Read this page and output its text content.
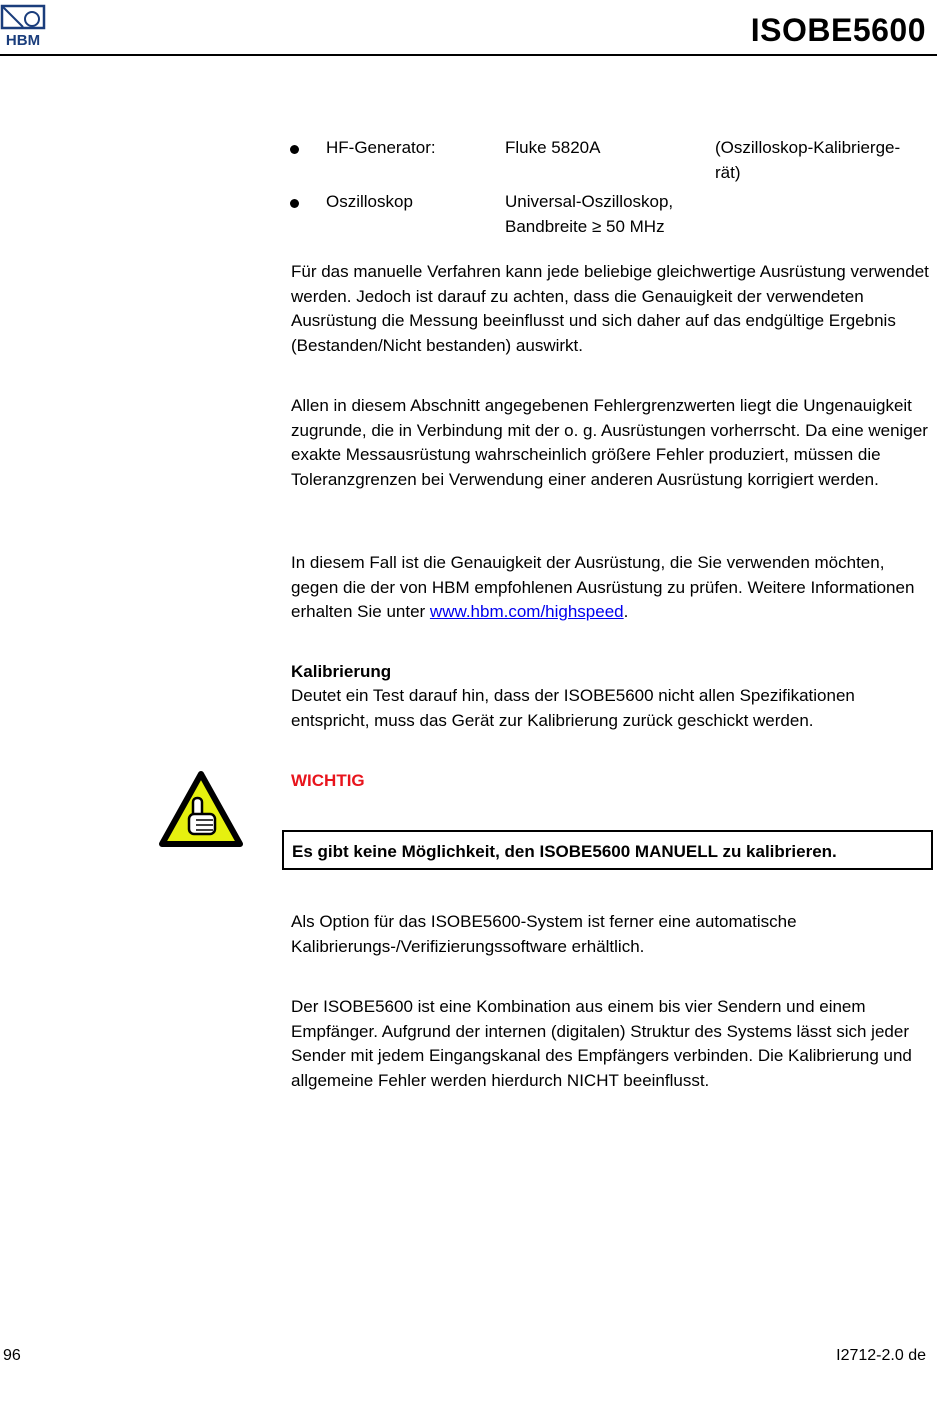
HBM	ISOBE5600
HF-Generator:	Fluke 5820A	(Oszilloskop-Kalibrierge-
rät)
Oszilloskop	Universal-Oszilloskop,
Bandbreite ≥ 50 MHz

Für das manuelle Verfahren kann jede beliebige gleichwertige Ausrüstung verwendet werden. Jedoch ist darauf zu achten, dass die Genauigkeit der verwendeten Ausrüstung die Messung beeinflusst und sich daher auf das endgültige Ergebnis (Bestanden/Nicht bestanden) auswirkt.

Allen in diesem Abschnitt angegebenen Fehlergrenzwerten liegt die Ungenauigkeit zugrunde, die in Verbindung mit der o. g. Ausrüstungen vorherrscht. Da eine weniger exakte Messausrüstung wahrscheinlich größere Fehler produziert, müssen die Toleranzgrenzen bei Verwendung einer anderen Ausrüstung korrigiert werden.

In diesem Fall ist die Genauigkeit der Ausrüstung, die Sie verwenden möchten, gegen die der von HBM empfohlenen Ausrüstung zu prüfen. Weitere Informationen erhalten Sie unter www.hbm.com/highspeed.

Kalibrierung

Deutet ein Test darauf hin, dass der ISOBE5600 nicht allen Spezifikationen entspricht, muss das Gerät zur Kalibrierung zurück geschickt werden.

WICHTIG

Als Option für das ISOBE5600-System ist ferner eine automatische Kalibrierungs-/Verifizierungssoftware erhältlich.

Der ISOBE5600 ist eine Kombination aus einem bis vier Sendern und einem Empfänger. Aufgrund der internen (digitalen) Struktur des Systems lässt sich jeder Sender mit jedem Eingangskanal des Empfängers verbinden. Die Kalibrierung und allgemeine Fehler werden hierdurch NICHT beeinflusst.

Es gibt keine Möglichkeit, den ISOBE5600 MANUELL zu kalibrieren.
96	I2712-2.0 de
